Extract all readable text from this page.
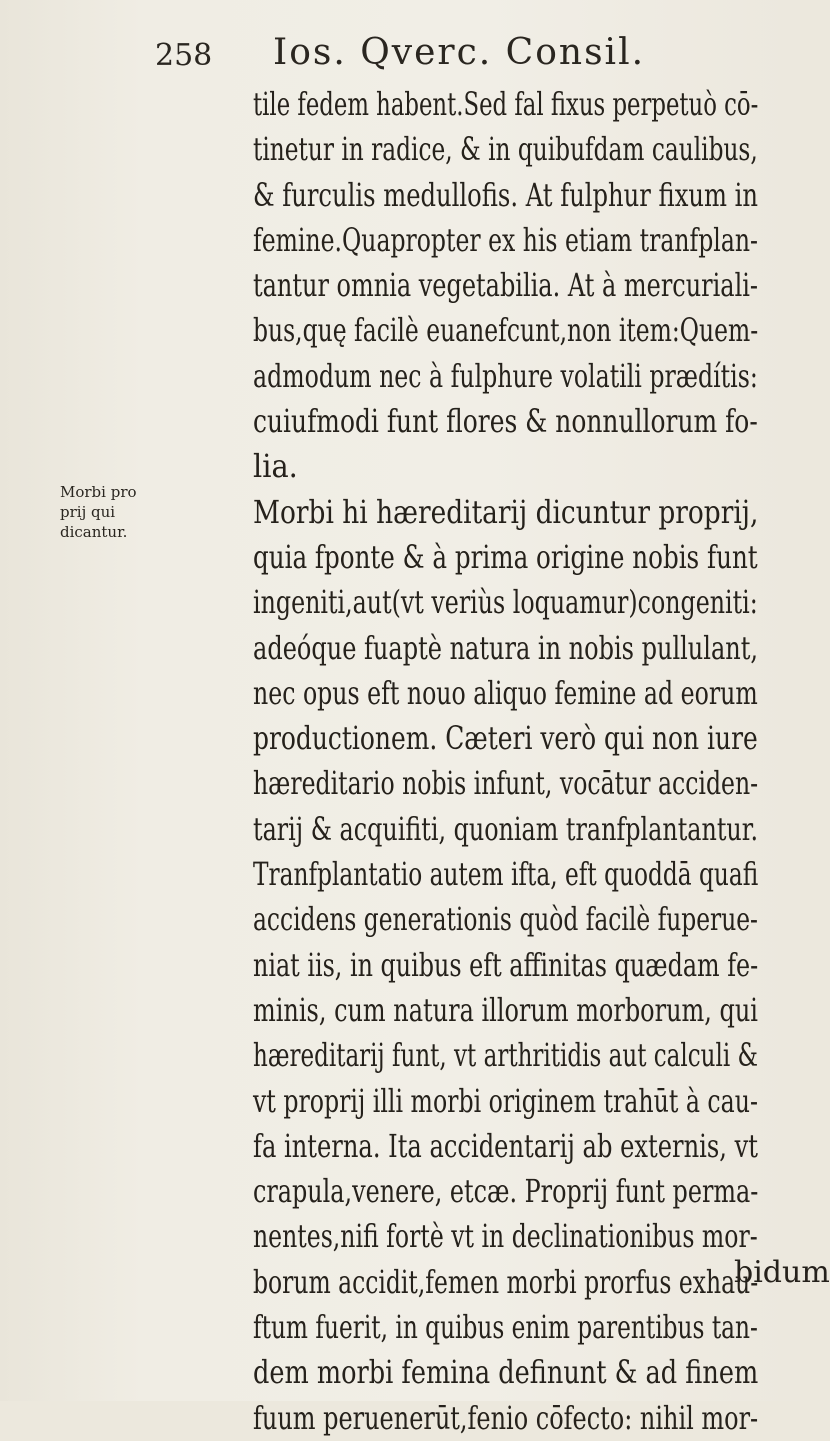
258 Ios. Qverc. Consil.
Morbi pro
prij qui
dicantur.
tile fedem habent.Sed fal fixus perpetuò cō-
tinetur in radice, & in quibufdam caulibus,
& furculis medullofis. At fulphur fixum in
femine.Quapropter ex his etiam tranfplan-
tantur omnia vegetabilia. At à mercuriali-
bus,quę facilè euanefcunt,non item:Quem-
admodum nec à fulphure volatili prædítis:
cuiufmodi funt flores & nonnullorum fo-
lia.
Morbi hi hæreditarij dicuntur proprij,
quia fponte & à prima origine nobis funt
ingeniti,aut(vt veriùs loquamur)congeniti:
adeóque fuaptè natura in nobis pullulant,
nec opus eft nouo aliquo femine ad eorum
productionem. Cæteri verò qui non iure
hæreditario nobis infunt, vocātur acciden-
tarij & acquifiti, quoniam tranfplantantur.
Tranfplantatio autem ifta, eft quoddā quafi
accidens generationis quòd facilè fuperue-
niat iis, in quibus eft affinitas quædam fe-
minis, cum natura illorum morborum, qui
hæreditarij funt, vt arthritidis aut calculi &
vt proprij illi morbi originem trahūt à cau-
fa interna. Ita accidentarij ab externis, vt
crapula,venere, etcæ. Proprij funt perma-
nentes,nifi fortè vt in declinationibus mor-
borum accidit,femen morbi prorfus exhau-
ftum fuerit, in quibus enim parentibus tan-
dem morbi femina definunt & ad finem
fuum peruenerūt,fenio cōfecto: nihil mor-
bidum
